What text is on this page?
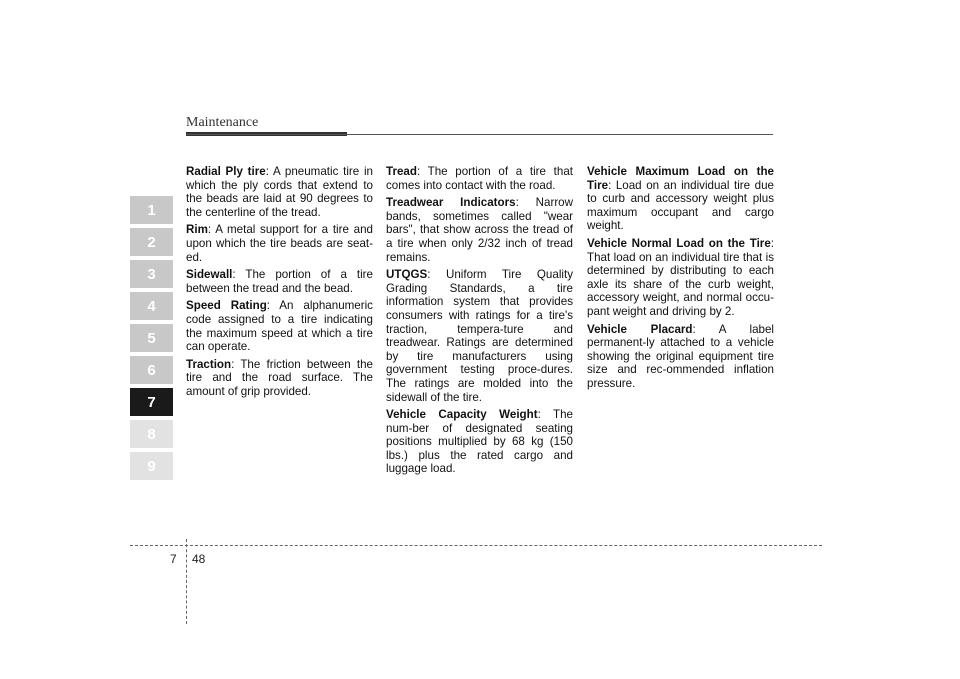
Maintenance
1
2
3
4
5
6
7
8
9

Radial Ply tire: A pneumatic tire in which the ply cords that extend to the beads are laid at 90 degrees to the centerline of the tread.

Rim: A metal support for a tire and upon which the tire beads are seat-ed.

Sidewall: The portion of a tire between the tread and the bead.

Speed Rating: An alphanumeric code assigned to a tire indicating the maximum speed at which a tire can operate.

Traction: The friction between the tire and the road surface. The amount of grip provided.

Tread: The portion of a tire that comes into contact with the road.

Treadwear Indicators: Narrow bands, sometimes called "wear bars", that show across the tread of a tire when only 2/32 inch of tread remains.

UTQGS: Uniform Tire Quality Grading Standards, a tire information system that provides consumers with ratings for a tire's traction, tempera-ture and treadwear. Ratings are determined by tire manufacturers using government testing proce-dures. The ratings are molded into the sidewall of the tire.

Vehicle Capacity Weight: The num-ber of designated seating positions multiplied by 68 kg (150 lbs.) plus the rated cargo and luggage load.

Vehicle Maximum Load on the Tire: Load on an individual tire due to curb and accessory weight plus maximum occupant and cargo weight.

Vehicle Normal Load on the Tire: That load on an individual tire that is determined by distributing to each axle its share of the curb weight, accessory weight, and normal occu-pant weight and driving by 2.

Vehicle Placard: A label permanent-ly attached to a vehicle showing the original equipment tire size and rec-ommended inflation pressure.

7 48
